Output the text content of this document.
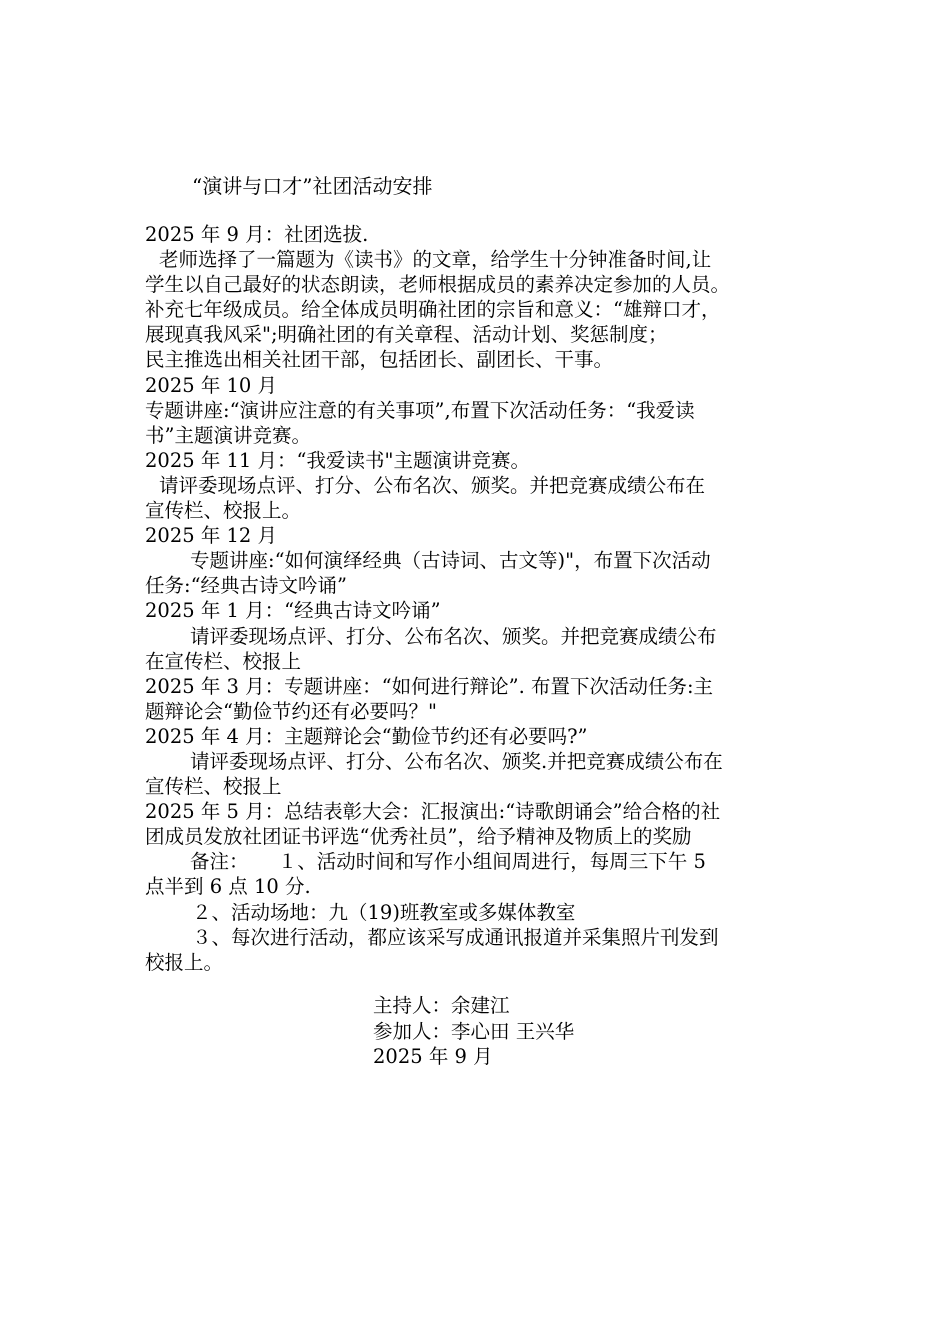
“演讲与口才”社团活动安排
2025 年 9 月：社团选拔.
老师选择了一篇题为《读书》的文章，给学生十分钟准备时间,让
学生以自己最好的状态朗读，老师根据成员的素养决定参加的人员。
补充七年级成员。给全体成员明确社团的宗旨和意义：“雄辩口才，
展现真我风采";明确社团的有关章程、活动计划、奖惩制度；
民主推选出相关社团干部，包括团长、副团长、干事。
2025 年 10 月
专题讲座:“演讲应注意的有关事项”,布置下次活动任务：“我爱读
书”主题演讲竞赛。
2025 年 11 月：“我爱读书"主题演讲竞赛。
请评委现场点评、打分、公布名次、颁奖。并把竞赛成绩公布在
宣传栏、校报上。
2025 年 12 月
专题讲座:“如何演绎经典（古诗词、古文等)"，布置下次活动
任务:“经典古诗文吟诵”
2025 年 1 月：“经典古诗文吟诵”
请评委现场点评、打分、公布名次、颁奖。并把竞赛成绩公布
在宣传栏、校报上
2025 年 3 月：专题讲座：“如何进行辩论”. 布置下次活动任务:主
题辩论会“勤俭节约还有必要吗？"
2025 年 4 月：主题辩论会“勤俭节约还有必要吗?”
请评委现场点评、打分、公布名次、颁奖.并把竞赛成绩公布在
宣传栏、校报上
2025 年 5 月：总结表彰大会：汇报演出:“诗歌朗诵会”给合格的社
团成员发放社团证书评选“优秀社员”，给予精神及物质上的奖励
备注：　　１、活动时间和写作小组间周进行，每周三下午 5
点半到 6 点 10 分.
２、活动场地：九（19)班教室或多媒体教室
３、每次进行活动，都应该采写成通讯报道并采集照片刊发到
校报上。
主持人：余建江
参加人：李心田 王兴华
2025 年 9 月
